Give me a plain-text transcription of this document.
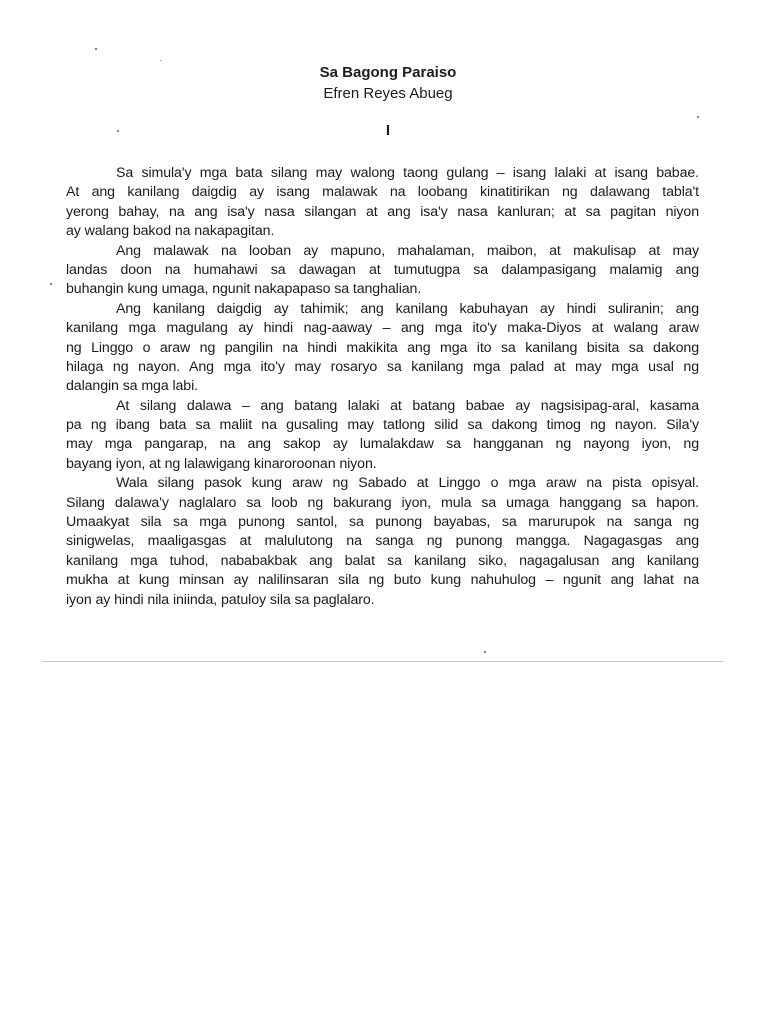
Sa Bagong Paraiso
Efren Reyes Abueg
I
Sa simula'y mga bata silang may walong taong gulang – isang lalaki at isang babae.
At ang kanilang daigdig ay isang malawak na loobang kinatitirikan ng dalawang tabla't
yerong bahay, na ang isa'y nasa silangan at ang isa'y nasa kanluran; at sa pagitan niyon
ay walang bakod na nakapagitan.
Ang malawak na looban ay mapuno, mahalaman, maibon, at makulisap at may
landas doon na humahawi sa dawagan at tumutugpa sa dalampasigang malamig ang
buhangin kung umaga, ngunit nakapapaso sa tanghalian.
Ang kanilang daigdig ay tahimik; ang kanilang kabuhayan ay hindi suliranin; ang
kanilang mga magulang ay hindi nag-aaway – ang mga ito'y maka-Diyos at walang araw
ng Linggo o araw ng pangilin na hindi makikita ang mga ito sa kanilang bisita sa dakong
hilaga ng nayon. Ang mga ito'y may rosaryo sa kanilang mga palad at may mga usal ng
dalangin sa mga labi.
At silang dalawa – ang batang lalaki at batang babae ay nagsisipag-aral, kasama
pa ng ibang bata sa maliit na gusaling may tatlong silid sa dakong timog ng nayon. Sila'y
may mga pangarap, na ang sakop ay lumalakdaw sa hangganan ng nayong iyon, ng
bayang iyon, at ng lalawigang kinaroroonan niyon.
Wala silang pasok kung araw ng Sabado at Linggo o mga araw na pista opisyal.
Silang dalawa'y naglalaro sa loob ng bakurang iyon, mula sa umaga hanggang sa hapon.
Umaakyat sila sa mga punong santol, sa punong bayabas, sa marurupok na sanga ng
sinigwelas, maaligasgas at malulutong na sanga ng punong mangga. Nagagasgas ang
kanilang mga tuhod, nababakbak ang balat sa kanilang siko, nagagalusan ang kanilang
mukha at kung minsan ay nalilinsaran sila ng buto kung nahuhulog – ngunit ang lahat na
iyon ay hindi nila iniinda, patuloy sila sa paglalaro.
